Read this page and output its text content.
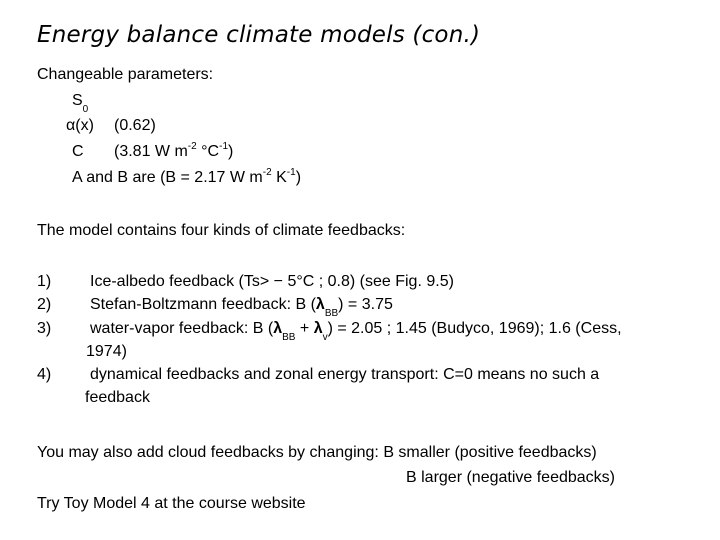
Energy balance climate models (con.)
Changeable parameters:
$S_0$
α(x) (0.62)
C (3.81 W $m^{-2}$ $^\circ C^{-1}$)
A and B are (B = 2.17 W $m^{-2}$ $K^{-1}$)
The model contains four kinds of climate feedbacks:
1) Ice-albedo feedback (Ts> − 5°C ; 0.8) (see Fig. 9.5)
2) Stefan-Boltzmann feedback: B $(\lambda_{BB}) = 3.75$
3) water-vapor feedback: B $(\lambda_{BB} + \lambda_v) = 2.05$ ; 1.45 (Budyco, 1969); 1.6 (Cess,
1974)
4) dynamical feedbacks and zonal energy transport: C=0 means no such a
feedback
You may also add cloud feedbacks by changing: B smaller (positive feedbacks)
B larger (negative feedbacks)
Try Toy Model 4 at the course website
